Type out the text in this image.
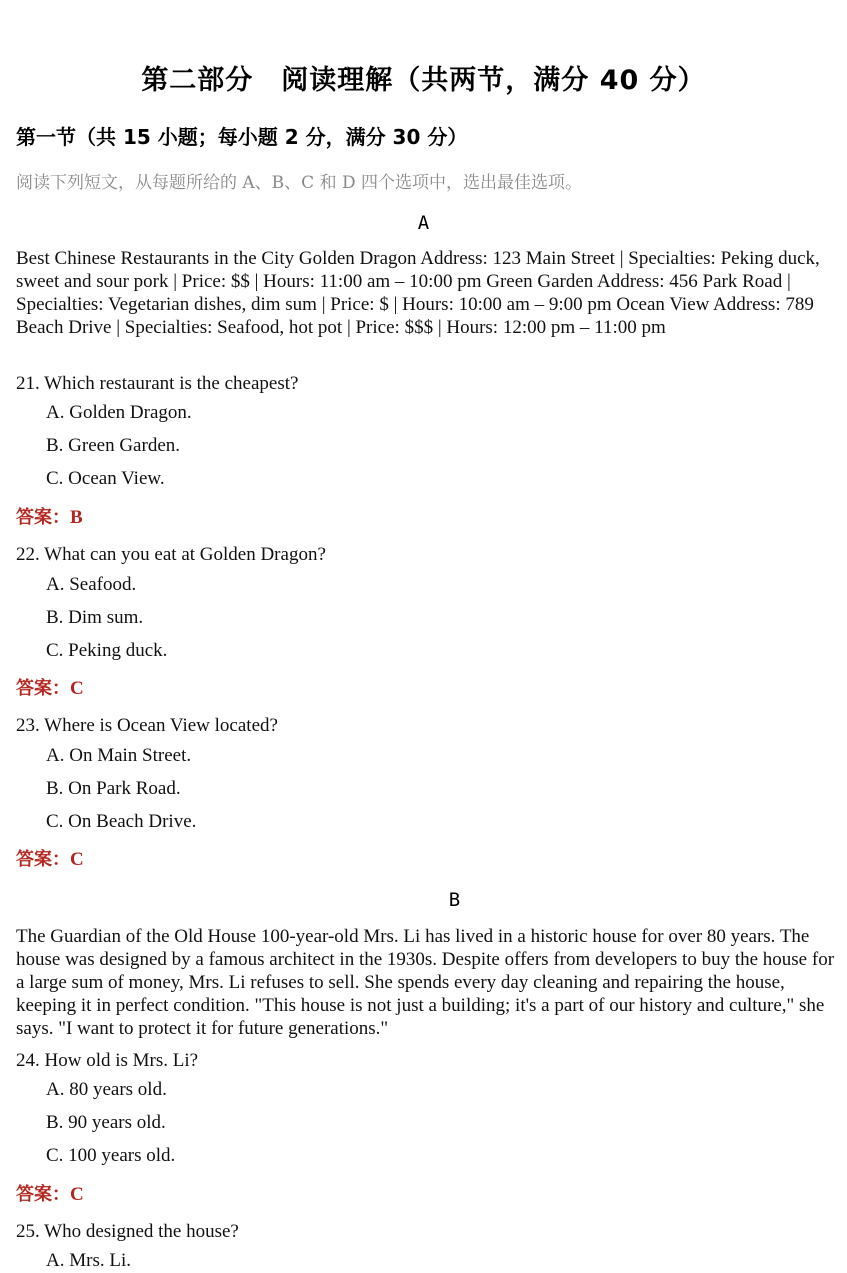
第二部分　阅读理解（共两节，满分 40 分）
第一节（共 15 小题；每小题 2 分，满分 30 分）
阅读下列短文，从每题所给的 A、B、C 和 D 四个选项中，选出最佳选项。
A
Best Chinese Restaurants in the City Golden Dragon Address: 123 Main Street | Specialties: Peking duck, sweet and sour pork | Price: $$ | Hours: 11:00 am – 10:00 pm Green Garden Address: 456 Park Road | Specialties: Vegetarian dishes, dim sum | Price: $ | Hours: 10:00 am – 9:00 pm Ocean View Address: 789 Beach Drive | Specialties: Seafood, hot pot | Price: $$$ | Hours: 12:00 pm – 11:00 pm
21. Which restaurant is the cheapest?
A. Golden Dragon.
B. Green Garden.
C. Ocean View.
答案：B
22. What can you eat at Golden Dragon?
A. Seafood.
B. Dim sum.
C. Peking duck.
答案：C
23. Where is Ocean View located?
A. On Main Street.
B. On Park Road.
C. On Beach Drive.
答案：C
B
The Guardian of the Old House 100-year-old Mrs. Li has lived in a historic house for over 80 years. The house was designed by a famous architect in the 1930s. Despite offers from developers to buy the house for a large sum of money, Mrs. Li refuses to sell. She spends every day cleaning and repairing the house, keeping it in perfect condition. "This house is not just a building; it's a part of our history and culture," she says. "I want to protect it for future generations."
24. How old is Mrs. Li?
A. 80 years old.
B. 90 years old.
C. 100 years old.
答案：C
25. Who designed the house?
A. Mrs. Li.
